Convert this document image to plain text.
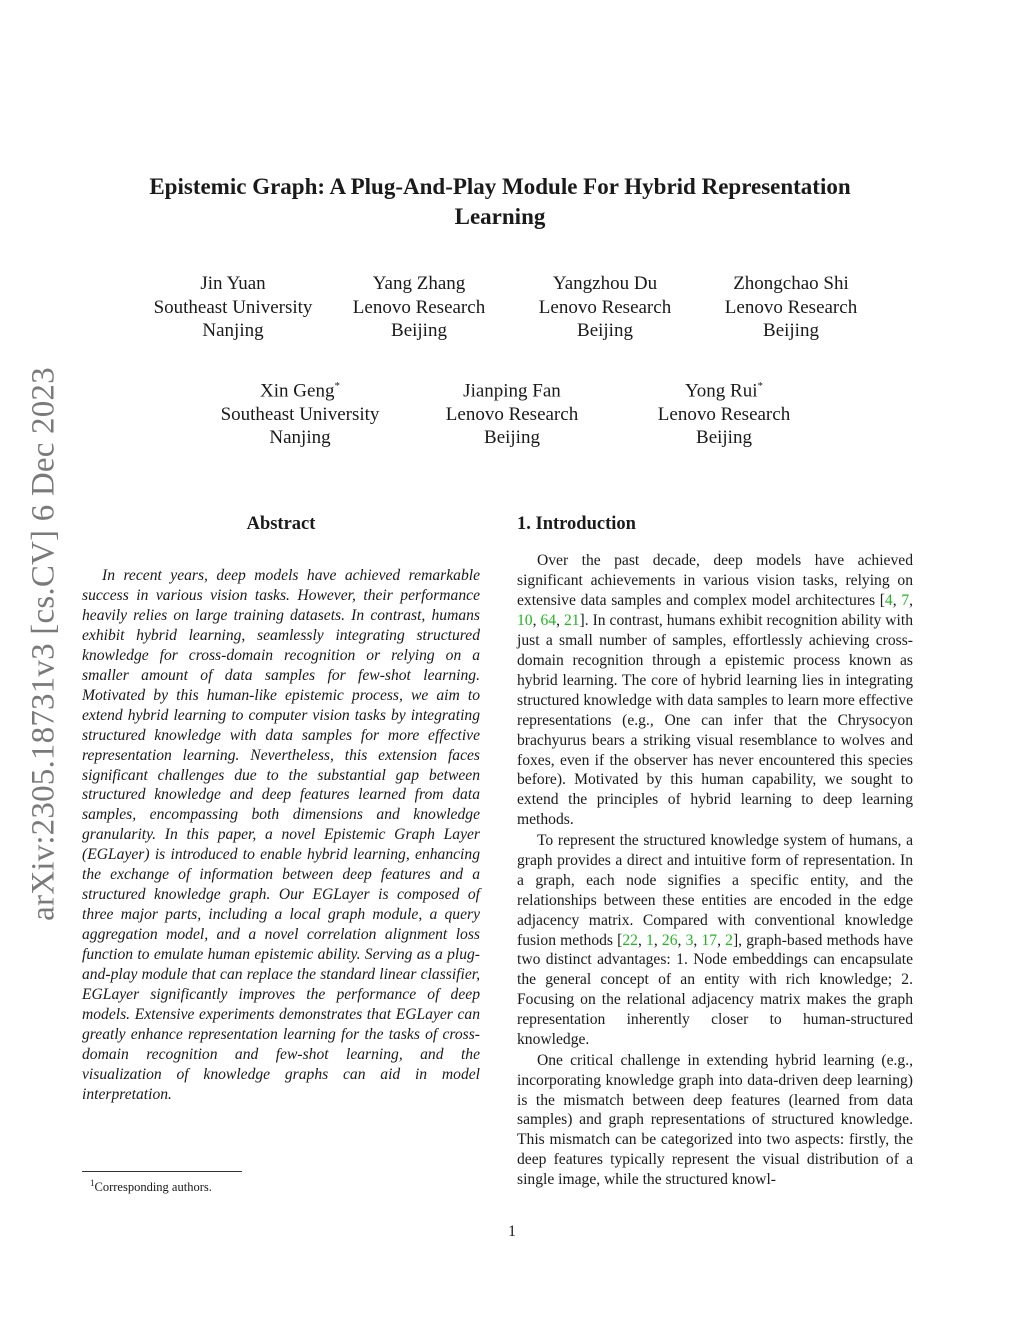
arXiv:2305.18731v3 [cs.CV] 6 Dec 2023
Epistemic Graph: A Plug-And-Play Module For Hybrid Representation Learning
Jin Yuan
Southeast University
Nanjing
Yang Zhang
Lenovo Research
Beijing
Yangzhou Du
Lenovo Research
Beijing
Zhongchao Shi
Lenovo Research
Beijing
Xin Geng*
Southeast University
Nanjing
Jianping Fan
Lenovo Research
Beijing
Yong Rui*
Lenovo Research
Beijing
Abstract

In recent years, deep models have achieved remarkable success in various vision tasks. However, their performance heavily relies on large training datasets. In contrast, humans exhibit hybrid learning, seamlessly integrating structured knowledge for cross-domain recognition or relying on a smaller amount of data samples for few-shot learning. Motivated by this human-like epistemic process, we aim to extend hybrid learning to computer vision tasks by integrating structured knowledge with data samples for more effective representation learning. Nevertheless, this extension faces significant challenges due to the substantial gap between structured knowledge and deep features learned from data samples, encompassing both dimensions and knowledge granularity. In this paper, a novel Epistemic Graph Layer (EGLayer) is introduced to enable hybrid learning, enhancing the exchange of information between deep features and a structured knowledge graph. Our EGLayer is composed of three major parts, including a local graph module, a query aggregation model, and a novel correlation alignment loss function to emulate human epistemic ability. Serving as a plug-and-play module that can replace the standard linear classifier, EGLayer significantly improves the performance of deep models. Extensive experiments demonstrates that EGLayer can greatly enhance representation learning for the tasks of cross-domain recognition and few-shot learning, and the visualization of knowledge graphs can aid in model interpretation.

1. Introduction

Over the past decade, deep models have achieved significant achievements in various vision tasks, relying on extensive data samples and complex model architectures [4, 7, 10, 64, 21]. In contrast, humans exhibit recognition ability with just a small number of samples, effortlessly achieving cross-domain recognition through a epistemic process known as hybrid learning. The core of hybrid learning lies in integrating structured knowledge with data samples to learn more effective representations (e.g., One can infer that the Chrysocyon brachyurus bears a striking visual resemblance to wolves and foxes, even if the observer has never encountered this species before). Motivated by this human capability, we sought to extend the principles of hybrid learning to deep learning methods.

To represent the structured knowledge system of humans, a graph provides a direct and intuitive form of representation. In a graph, each node signifies a specific entity, and the relationships between these entities are encoded in the edge adjacency matrix. Compared with conventional knowledge fusion methods [22, 1, 26, 3, 17, 2], graph-based methods have two distinct advantages: 1. Node embeddings can encapsulate the general concept of an entity with rich knowledge; 2. Focusing on the relational adjacency matrix makes the graph representation inherently closer to human-structured knowledge.

One critical challenge in extending hybrid learning (e.g., incorporating knowledge graph into data-driven deep learning) is the mismatch between deep features (learned from data samples) and graph representations of structured knowledge. This mismatch can be categorized into two aspects: firstly, the deep features typically represent the visual distribution of a single image, while the structured knowl-

$^1$Corresponding authors.
1
